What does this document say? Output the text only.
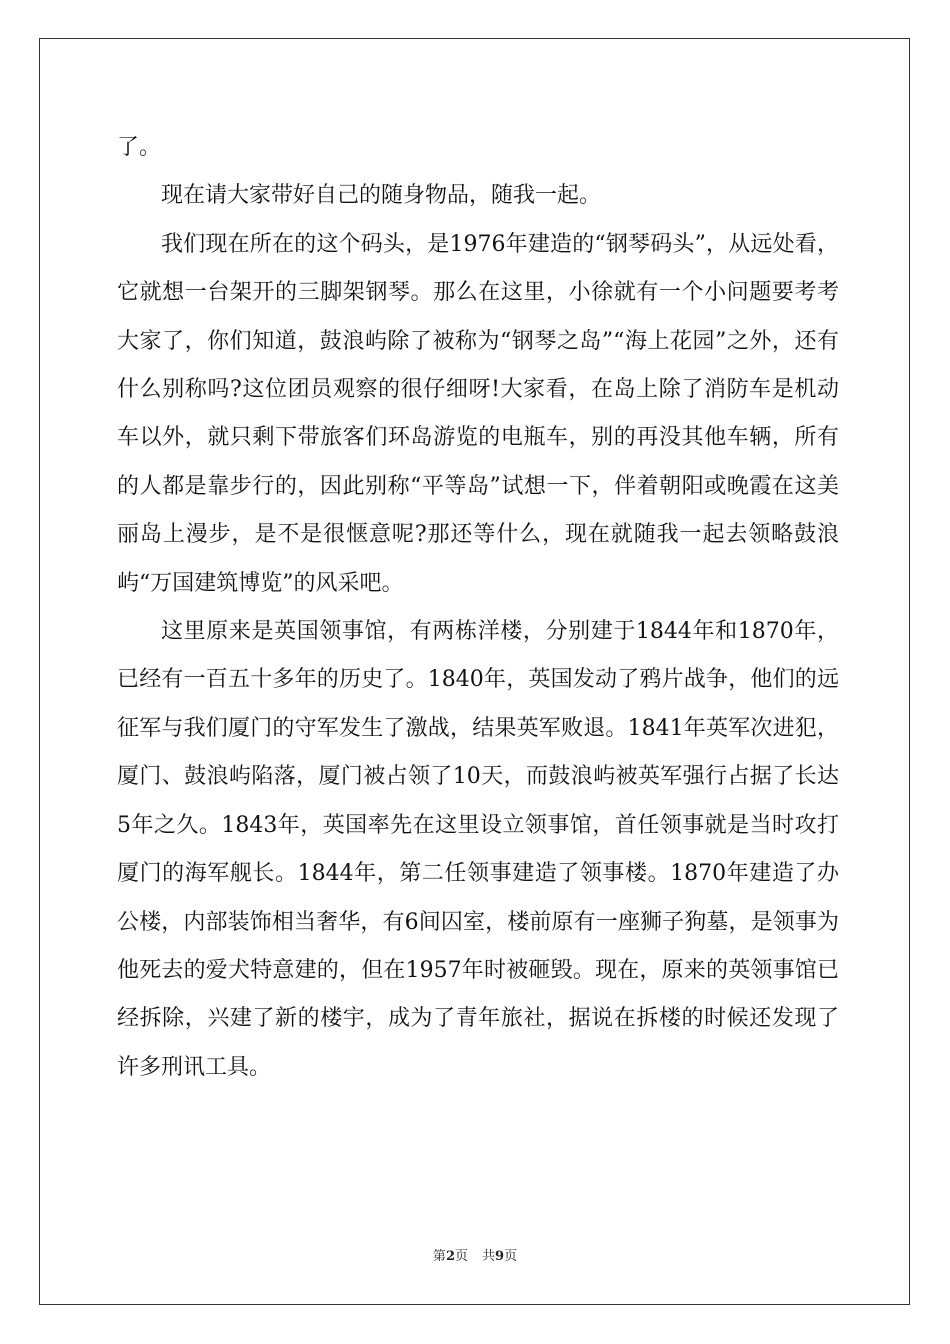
了。

现在请大家带好自己的随身物品，随我一起。

我们现在所在的这个码头，是1976年建造的“钢琴码头”，从远处看，它就想一台架开的三脚架钢琴。那么在这里，小徐就有一个小问题要考考大家了，你们知道，鼓浪屿除了被称为“钢琴之岛”“海上花园”之外，还有什么别称吗?这位团员观察的很仔细呀!大家看，在岛上除了消防车是机动车以外，就只剩下带旅客们环岛游览的电瓶车，别的再没其他车辆，所有的人都是靠步行的，因此别称“平等岛”试想一下，伴着朝阳或晚霞在这美丽岛上漫步，是不是很惬意呢?那还等什么，现在就随我一起去领略鼓浪屿“万国建筑博览”的风采吧。

这里原来是英国领事馆，有两栋洋楼，分别建于1844年和1870年，已经有一百五十多年的历史了。1840年，英国发动了鸦片战争，他们的远征军与我们厦门的守军发生了激战，结果英军败退。1841年英军次进犯，厦门、鼓浪屿陷落，厦门被占领了10天，而鼓浪屿被英军强行占据了长达5年之久。1843年，英国率先在这里设立领事馆，首任领事就是当时攻打厦门的海军舰长。1844年，第二任领事建造了领事楼。1870年建造了办公楼，内部装饰相当奢华，有6间囚室，楼前原有一座狮子狗墓，是领事为他死去的爱犬特意建的，但在1957年时被砸毁。现在，原来的英领事馆已经拆除，兴建了新的楼宇，成为了青年旅社，据说在拆楼的时候还发现了许多刑讯工具。

第2页 共9页
